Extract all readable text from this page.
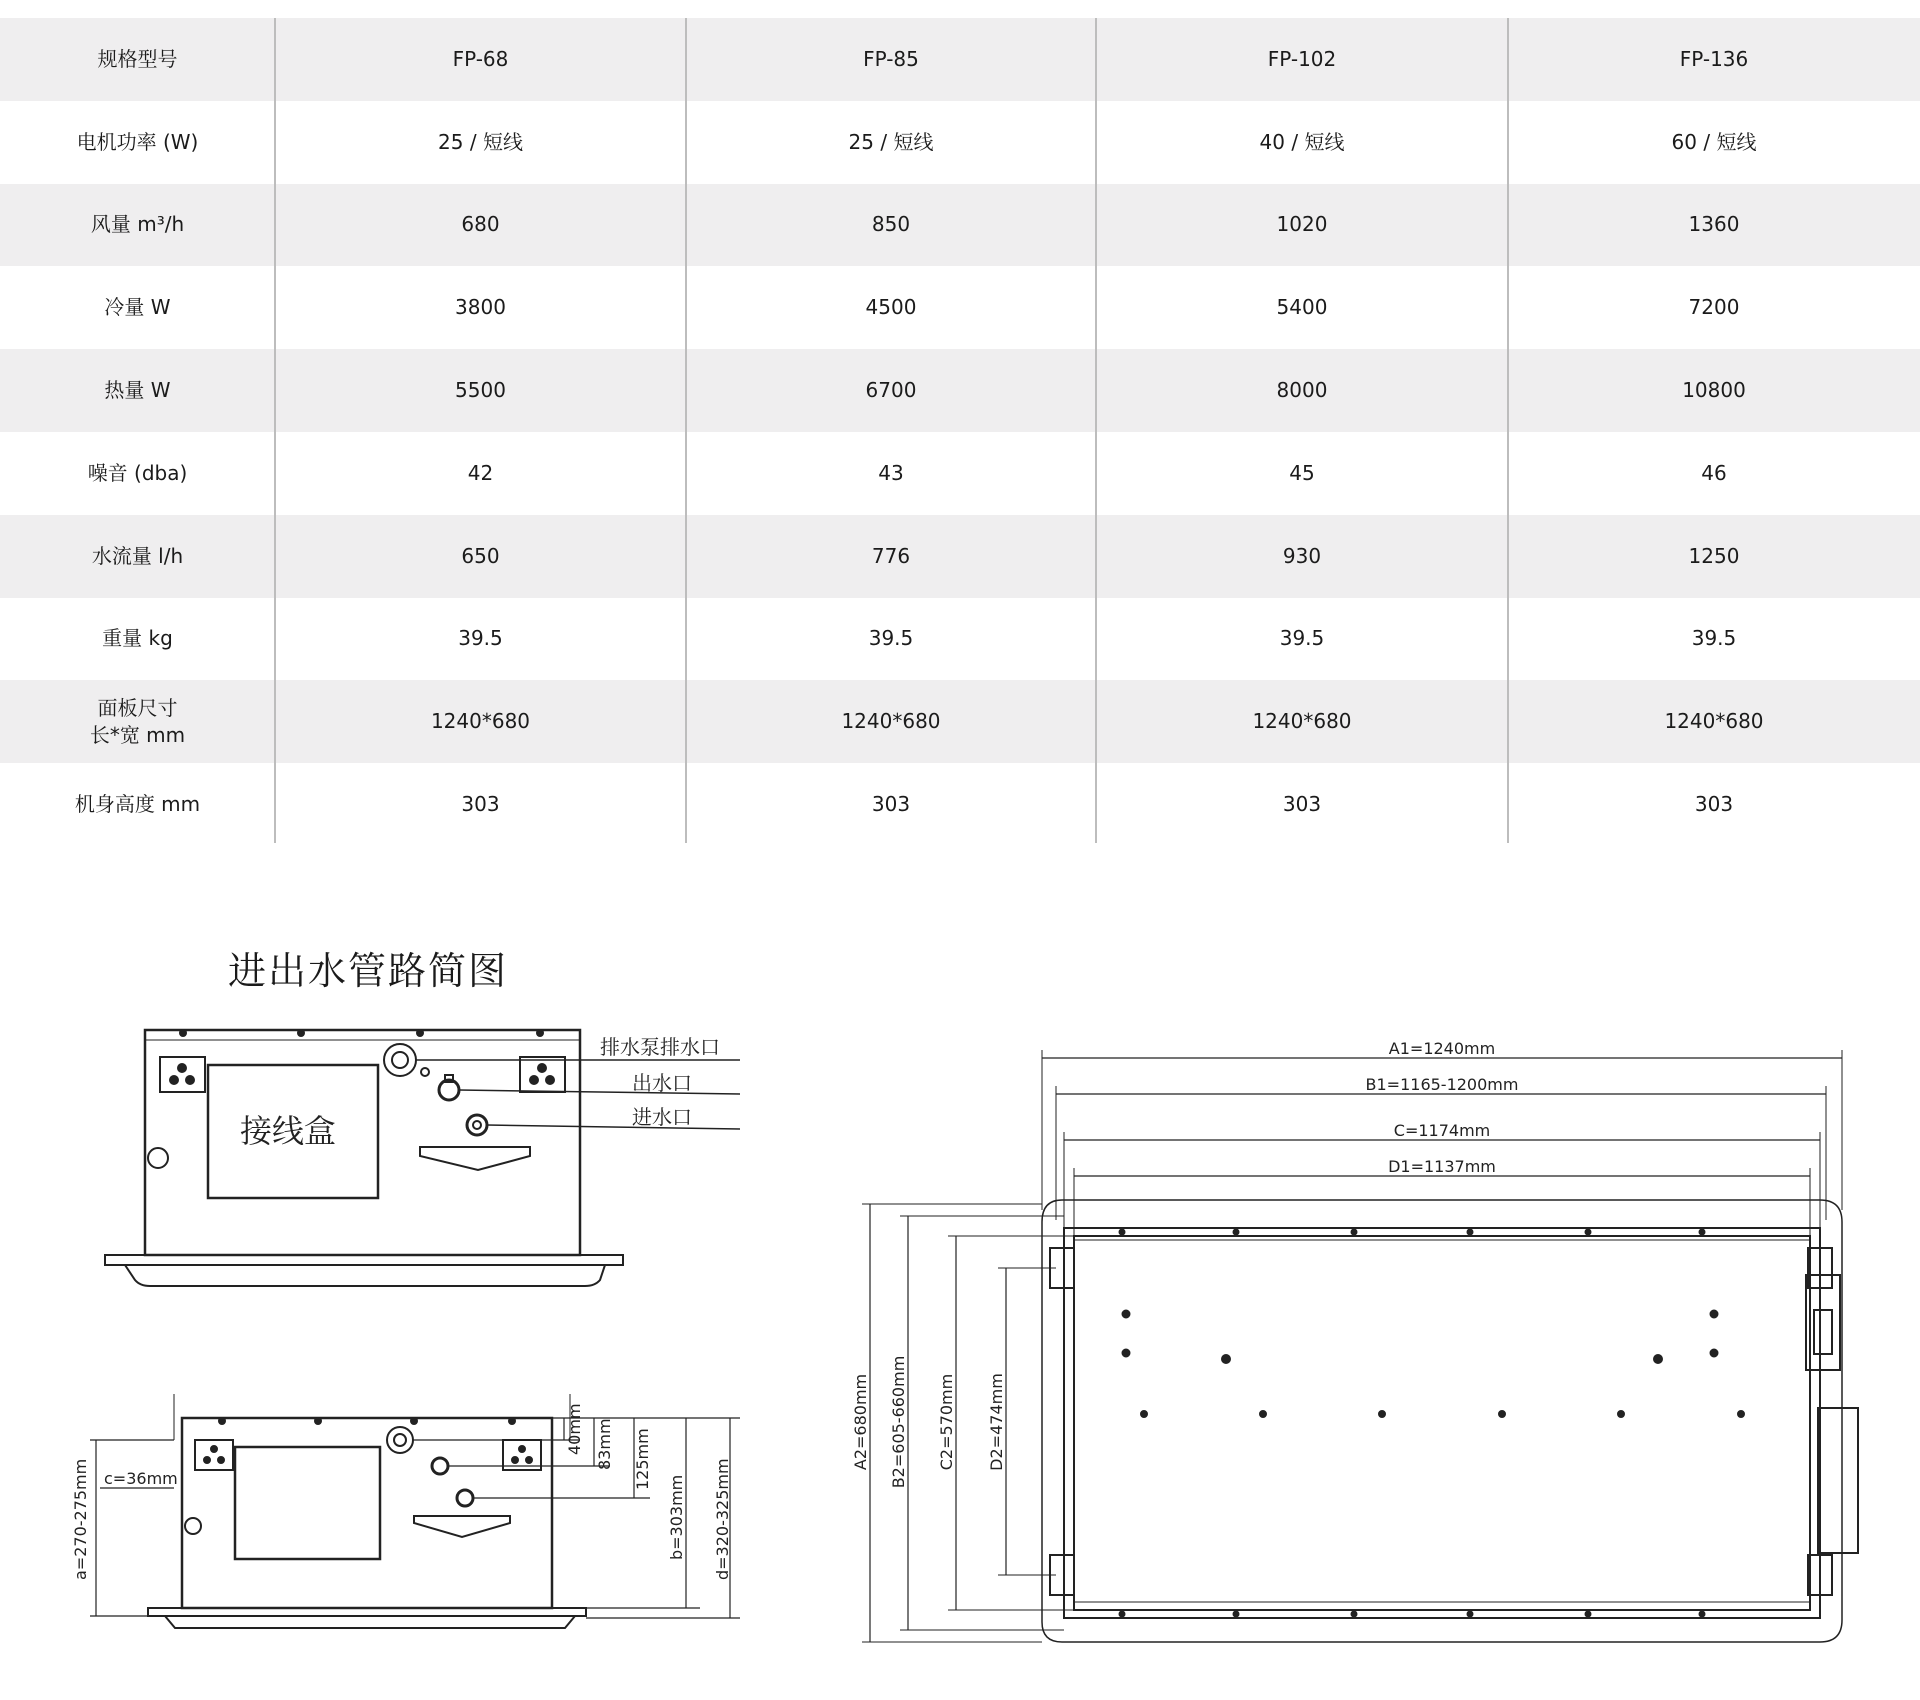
规格型号	FP-68	FP-85	FP-102	FP-136
电机功率 (W)	25 / 短线	25 / 短线	40 / 短线	60 / 短线
风量 m³/h	680	850	1020	1360
冷量 W	3800	4500	5400	7200
热量 W	5500	6700	8000	10800
噪音 (dba)	42	43	45	46
水流量 l/h	650	776	930	1250
重量 kg	39.5	39.5	39.5	39.5
面板尺寸
长*宽 mm
1240*680	1240*680	1240*680	1240*680
机身高度 mm	303	303	303	303
进出水管路简图
接线盒
排水泵排水口
出水口
进水口
c=36mm
a=270-275mm
40mm 83mm 125mm
b=303mm d=320-325mm
A1=1240mm
B1=1165-1200mm
C=1174mm
D1=1137mm
A2=680mm B2=605-660mm C2=570mm D2=474mm
